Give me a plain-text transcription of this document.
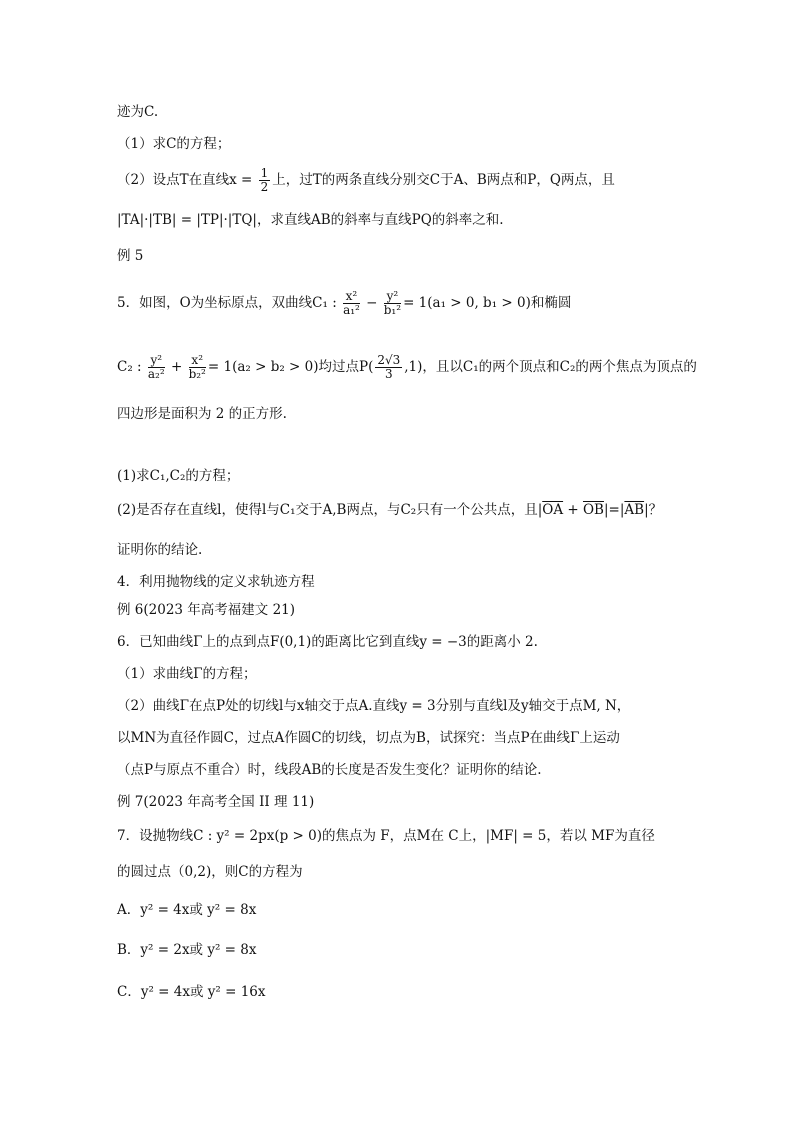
迹为C.
（1）求C的方程；
（2）设点T在直线$x = \frac{1}{2}$ 上，过T的两条直线分别交C于A、B两点和P，Q两点，且
|TA|·|TB| = |TP|·|TQ|，求直线AB的斜率与直线PQ的斜率之和.
例 5
5．如图，O为坐标原点，双曲线C₁ : $\frac{\text{x²}}{\text{a₁²}} - \frac{\text{y²}}{\text{b₁²}} = 1(a_1 > 0$, b₁ > 0)和椭圆
C₂ : $\frac{\text{y²}}{\text{a₂²}} + \frac{\text{x²}}{\text{b₂²}} = 1(a_2 > b_2 > 0)$均过点$P( \frac{2√3}{3} ,1)$，且以C₁的两个顶点和C₂的两个焦点为顶点的
四边形是面积为 2 的正方形.
(1)求C₁,C₂的方程；
(2)是否存在直线l，使得l与C₁交于A,B两点，与C₂只有一个公共点，且$|\overline{OA} + \overline{OB}|=|\overline{AB}|$？
证明你的结论.
4．利用抛物线的定义求轨迹方程
例 6(2023 年高考福建文 21)
6．已知曲线Γ上的点到点F(0,1)的距离比它到直线y = −3的距离小 2.
（1）求曲线Γ的方程；
（2）曲线Γ在点P处的切线l与x轴交于点A.直线y = 3分别与直线l及y轴交于点M, N，
以MN为直径作圆C，过点A作圆C的切线，切点为B，试探究：当点P在曲线Γ上运动
（点P与原点不重合）时，线段AB的长度是否发生变化？证明你的结论.
例 7(2023 年高考全国 II 理 11)
7．设抛物线C : y² = 2px(p > 0)的焦点为 F，点M在 C上，|MF| = 5，若以 MF为直径
的圆过点（0,2)，则C的方程为
A．y² = 4x或 y² = 8x
B．y² = 2x或 y² = 8x
C．y² = 4x或 y² = 16x
